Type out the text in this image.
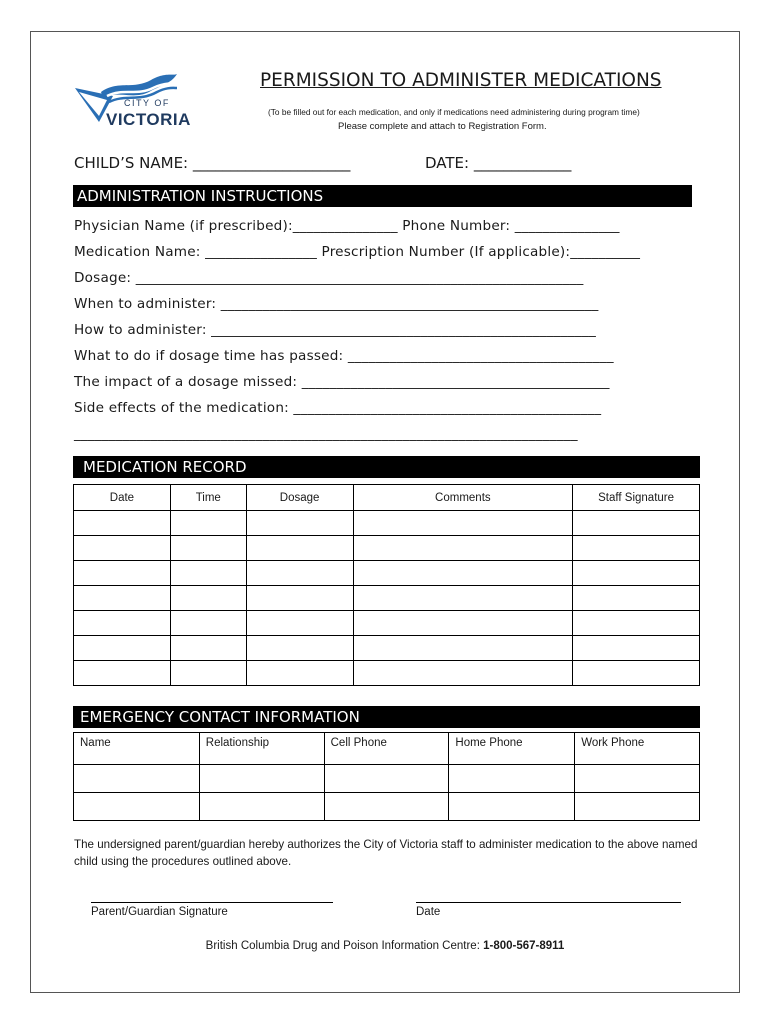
CITY OF
VICTORIA
PERMISSION TO ADMINISTER MEDICATIONS
(To be filled out for each medication, and only if medications need administering during program time)
Please complete and attach to Registration Form.
CHILD’S NAME: _____________________	DATE: _____________
ADMINISTRATION INSTRUCTIONS
Physician Name (if prescribed):_______________ Phone Number: _______________
Medication Name: ________________ Prescription Number (If applicable):__________
Dosage: ________________________________________________________________
When to administer: ______________________________________________________
How to administer: _______________________________________________________
What to do if dosage time has passed: ______________________________________
The impact of a dosage missed: ____________________________________________
Side effects of the medication: ____________________________________________
________________________________________________________________________
MEDICATION RECORD
Date	Time	Dosage	Comments	Staff Signature

EMERGENCY CONTACT INFORMATION
Name	Relationship	Cell Phone	Home Phone	Work Phone

The undersigned parent/guardian hereby authorizes the City of Victoria staff to administer medication to the above named child using the procedures outlined above.
Parent/Guardian Signature	Date
British Columbia Drug and Poison Information Centre: 1-800-567-8911
